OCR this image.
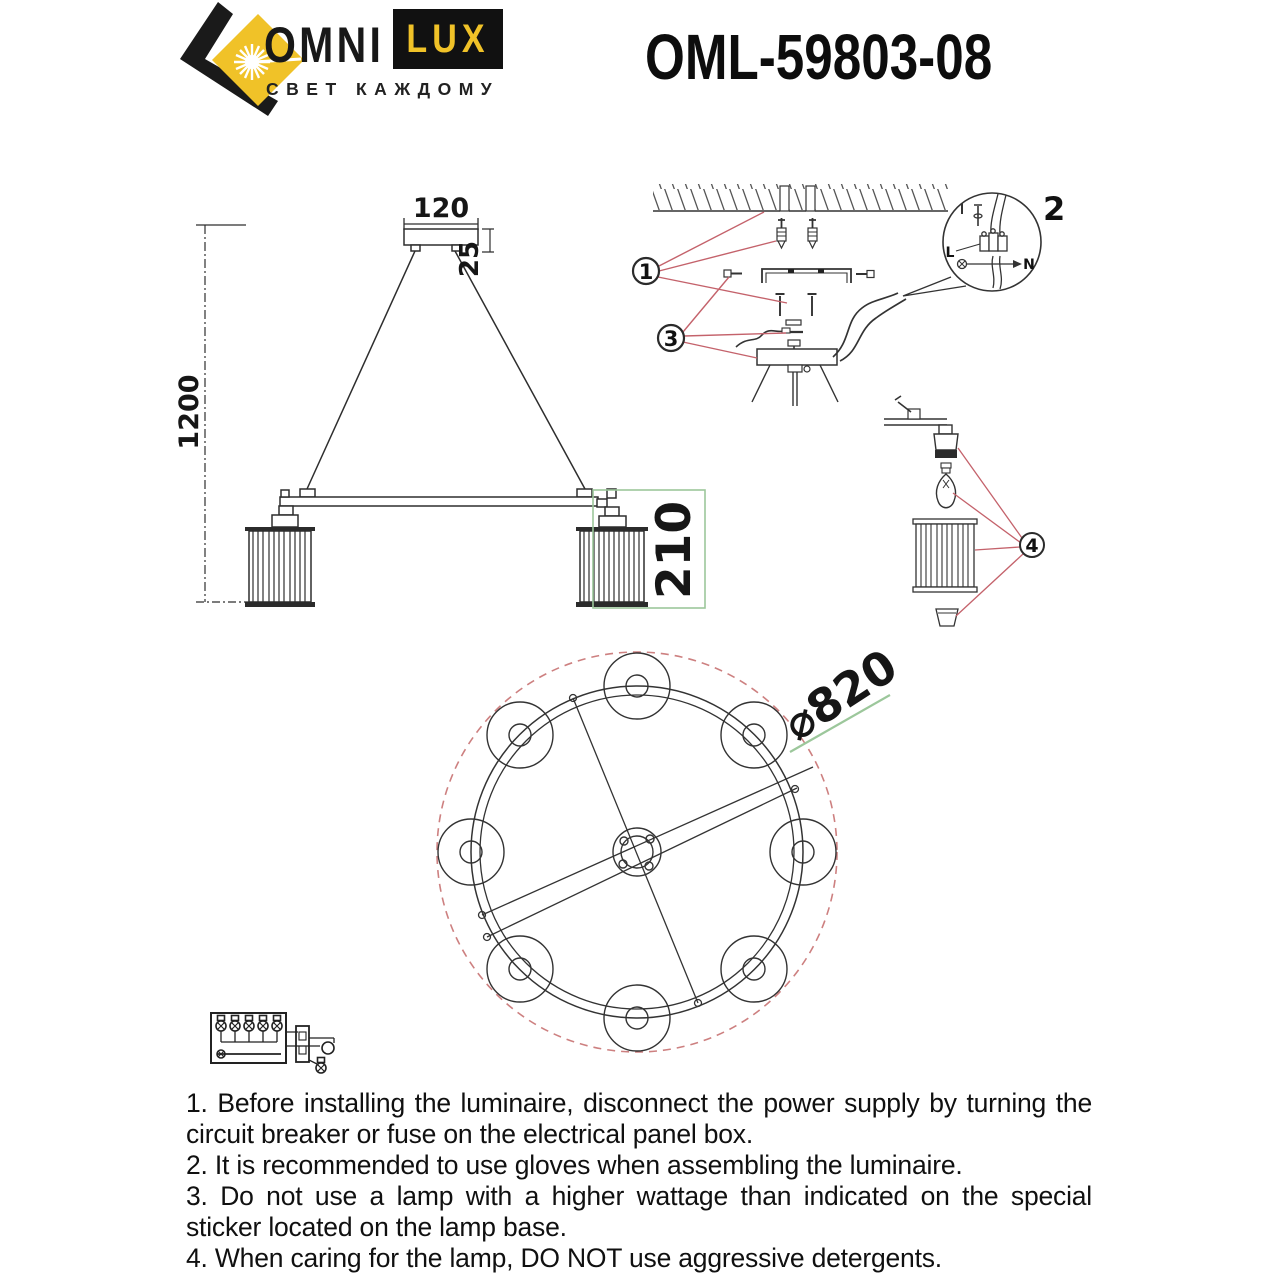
120
25
1200
210
1
3
L
N
2
4
⌀820
OMNI LUX
СВЕТ КАЖДОМУ OML-59803-08

1. Before installing the luminaire, disconnect the power supply by turning the circuit breaker or fuse on the electrical panel box.

2. It is recommended to use gloves when assembling the luminaire.

3. Do not use a lamp with a higher wattage than indicated on the special sticker located on the lamp base.

4. When caring for the lamp, DO NOT use aggressive detergents.
